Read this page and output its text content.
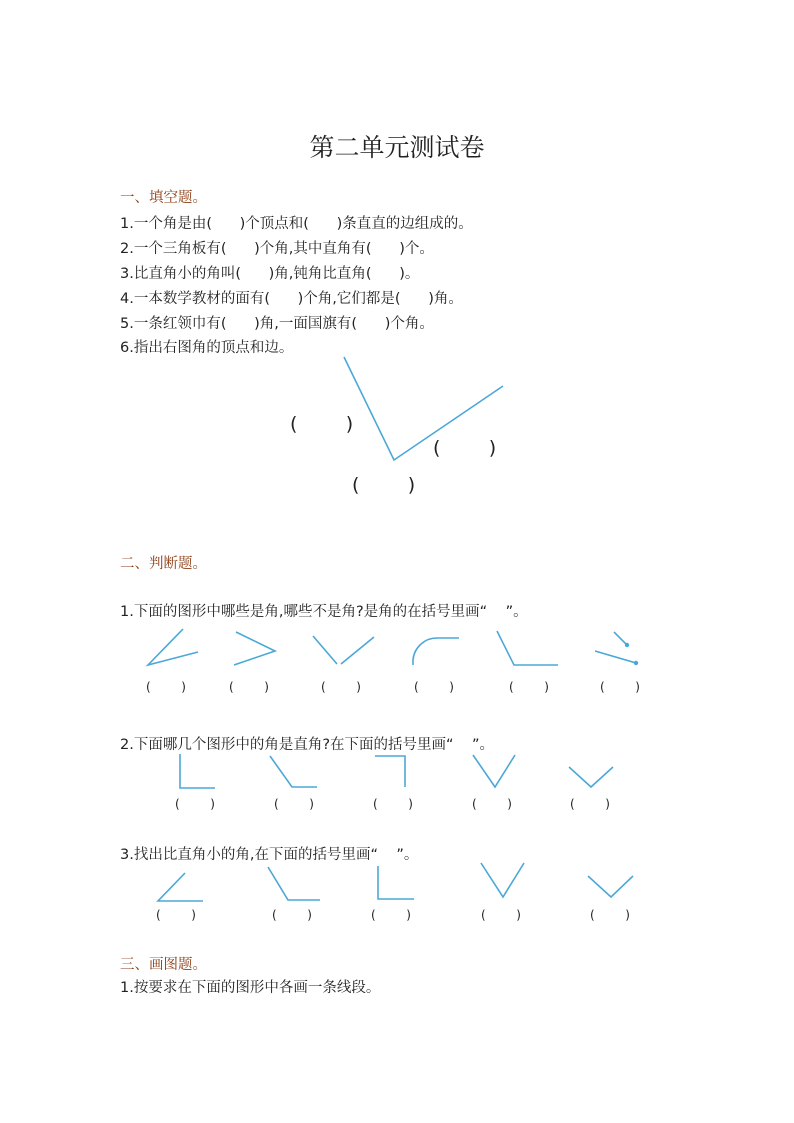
第二单元测试卷
一、填空题。
1.一个角是由(      )个顶点和(      )条直直的边组成的。
2.一个三角板有(      )个角,其中直角有(      )个。
3.比直角小的角叫(      )角,钝角比直角(      )。
4.一本数学教材的面有(      )个角,它们都是(      )角。
5.一条红领巾有(      )角,一面国旗有(      )个角。
6.指出右图角的顶点和边。
(        )
(        )
(        )
二、判断题。
1.下面的图形中哪些是角,哪些不是角?是角的在括号里画“    ”。
(        )	(        )	(        )	(        )	(        )	(        )
2.下面哪几个图形中的角是直角?在下面的括号里画“    ”。
(        )	(        )	(        )	(        )	(        )
3.找出比直角小的角,在下面的括号里画“    ”。
(        )	(        )	(        )	(        )	(        )
三、画图题。
1.按要求在下面的图形中各画一条线段。
